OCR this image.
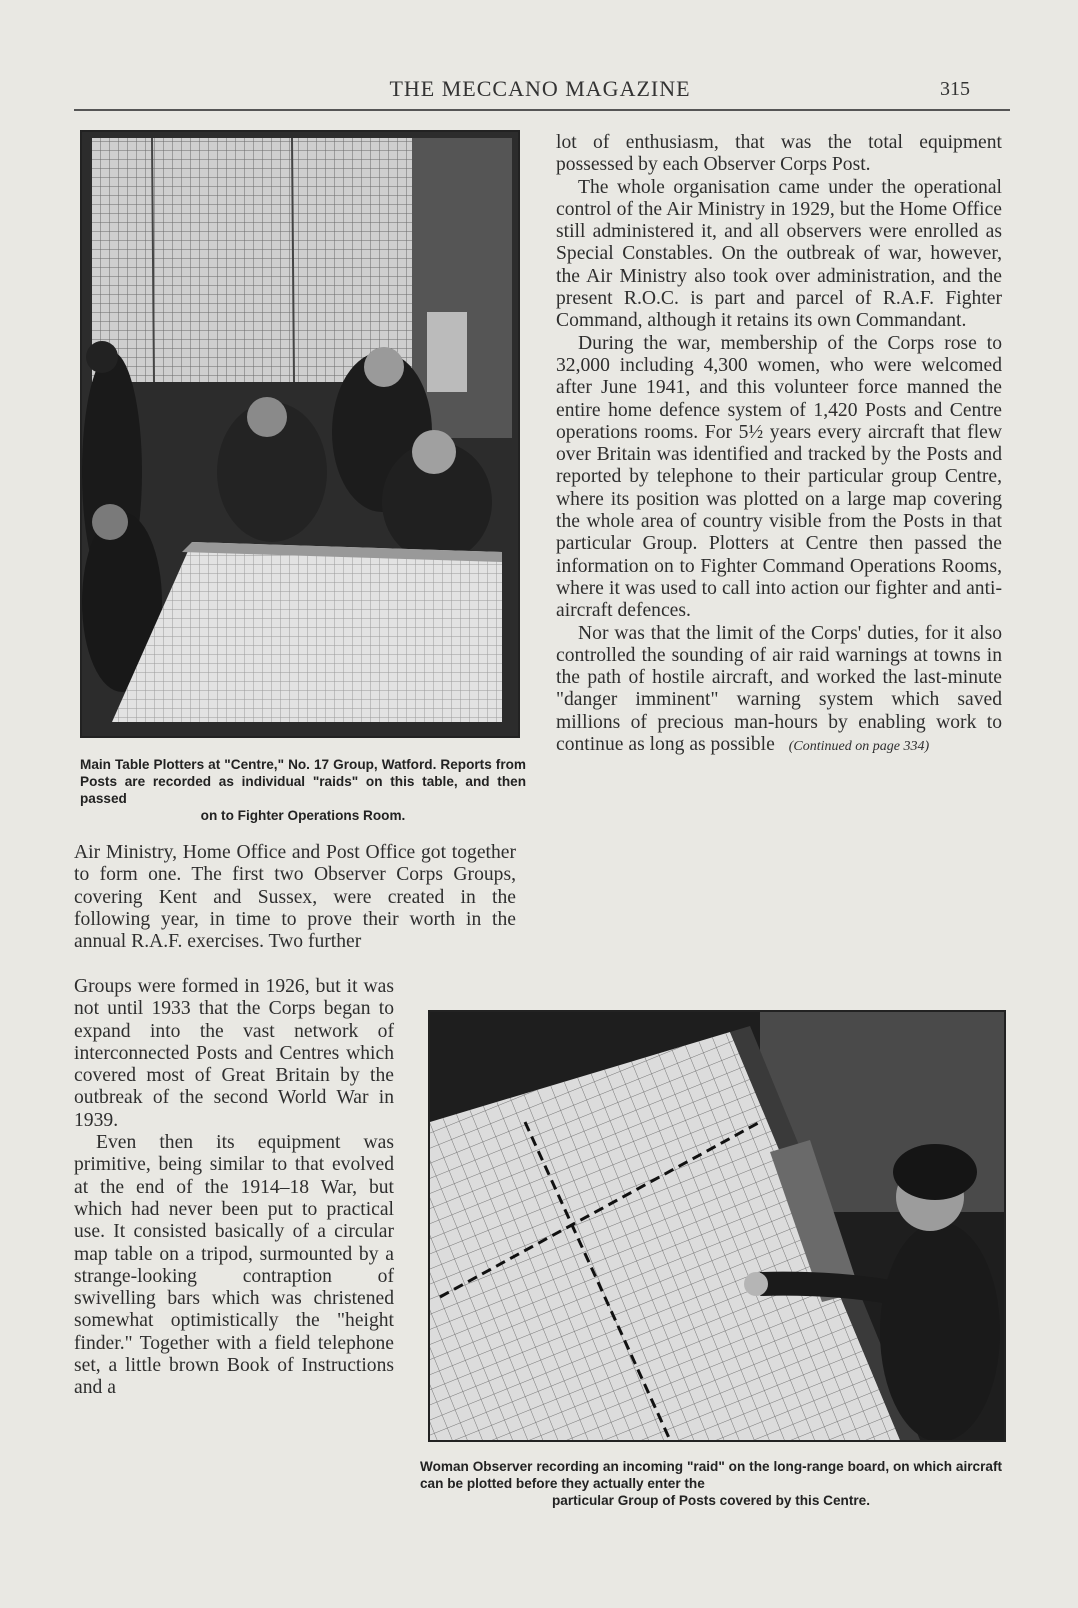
THE MECCANO MAGAZINE	315
Main Table Plotters at "Centre," No. 17 Group, Watford. Reports from Posts are recorded as individual "raids" on this table, and then passed
on to Fighter Operations Room.

Air Ministry, Home Office and Post Office got together to form one. The first two Observer Corps Groups, covering Kent and Sussex, were created in the following year, in time to prove their worth in the annual R.A.F. exercises. Two further

Groups were formed in 1926, but it was not until 1933 that the Corps began to expand into the vast network of interconnected Posts and Centres which covered most of Great Britain by the outbreak of the second World War in 1939.

Even then its equipment was primitive, being similar to that evolved at the end of the 1914–18 War, but which had never been put to practical use. It consisted basically of a circular map table on a tripod, surmounted by a strange-looking contraption of swivelling bars which was christened somewhat optimistically the "height finder." Together with a field telephone set, a little brown Book of Instructions and a

lot of enthusiasm, that was the total equipment possessed by each Observer Corps Post.

The whole organisation came under the operational control of the Air Ministry in 1929, but the Home Office still administered it, and all observers were enrolled as Special Constables. On the outbreak of war, however, the Air Ministry also took over administration, and the present R.O.C. is part and parcel of R.A.F. Fighter Command, although it retains its own Commandant.

During the war, membership of the Corps rose to 32,000 including 4,300 women, who were welcomed after June 1941, and this volunteer force manned the entire home defence system of 1,420 Posts and Centre operations rooms. For 5½ years every aircraft that flew over Britain was identified and tracked by the Posts and reported by telephone to their particular group Centre, where its position was plotted on a large map covering the whole area of country visible from the Posts in that particular Group. Plotters at Centre then passed the information on to Fighter Command Operations Rooms, where it was used to call into action our fighter and anti-aircraft defences.

Nor was that the limit of the Corps' duties, for it also controlled the sounding of air raid warnings at towns in the path of hostile aircraft, and worked the last-minute "danger imminent" warning system which saved millions of precious man-hours by enabling work to continue as long as possible (Continued on page 334)

Woman Observer recording an incoming "raid" on the long-range board, on which aircraft can be plotted before they actually enter the
particular Group of Posts covered by this Centre.
